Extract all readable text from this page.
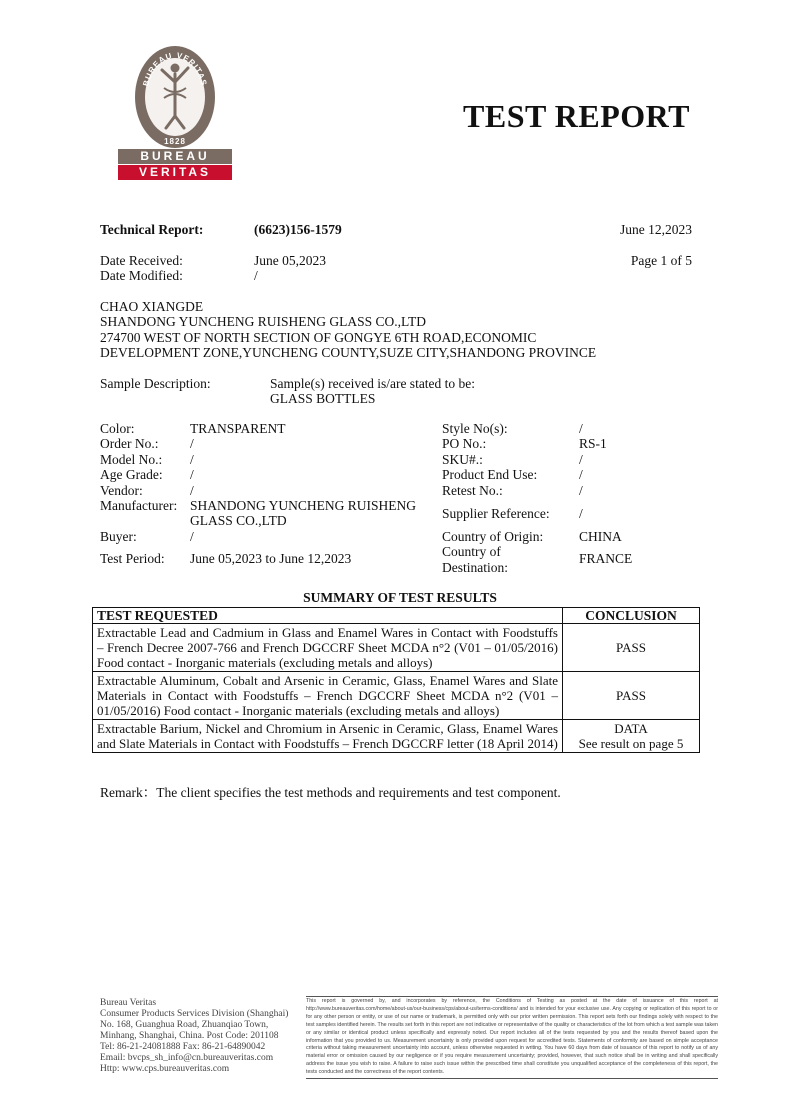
BUREAU VERITAS
1828
BUREAU
VERITAS
TEST REPORT
Technical Report:	(6623)156-1579	June 12,2023
Date Received:	June 05,2023	Page 1 of 5
Date Modified:	/
CHAO XIANGDE
SHANDONG YUNCHENG RUISHENG GLASS CO.,LTD
274700 WEST OF NORTH SECTION OF GONGYE 6TH ROAD,ECONOMIC
DEVELOPMENT ZONE,YUNCHENG COUNTY,SUZE CITY,SHANDONG PROVINCE
Sample Description:	Sample(s) received is/are stated to be:
GLASS BOTTLES
Color:	TRANSPARENT
Order No.: /
Model No.: /
Age Grade: /
Vendor:	/
Manufacturer: SHANDONG YUNCHENG RUISHENG
GLASS CO.,LTD
Buyer:	/
Test Period: June 05,2023 to June 12,2023
Style No(s):	/
PO No.:	RS-1
SKU#.:	/
Product End Use:	/
Retest No.:	/
Supplier Reference: /
Country of Origin:	CHINA
Country of
Destination:
FRANCE
SUMMARY OF TEST RESULTS
TEST REQUESTED	CONCLUSION
Extractable Lead and Cadmium in Glass and Enamel Wares in Contact with Foodstuffs – French Decree 2007-766 and French DGCCRF Sheet MCDA n°2 (V01 – 01/05/2016) Food contact - Inorganic materials (excluding metals and alloys)	PASS
Extractable Aluminum, Cobalt and Arsenic in Ceramic, Glass, Enamel Wares and Slate Materials in Contact with Foodstuffs – French DGCCRF Sheet MCDA n°2 (V01 – 01/05/2016) Food contact - Inorganic materials (excluding metals and alloys)	PASS
Extractable Barium, Nickel and Chromium in Arsenic in Ceramic, Glass, Enamel Wares and Slate Materials in Contact with Foodstuffs – French DGCCRF letter (18 April 2014)	DATA
See result on page 5
Remark：The client specifies the test methods and requirements and test component.
Bureau Veritas
Consumer Products Services Division (Shanghai)
No. 168, Guanghua Road, Zhuanqiao Town,
Minhang, Shanghai, China. Post Code: 201108
Tel: 86-21-24081888 Fax: 86-21-64890042
Email: bvcps_sh_info@cn.bureauveritas.com
Http: www.cps.bureauveritas.com
This report is governed by, and incorporates by reference, the Conditions of Testing as posted at the date of issuance of this report at http://www.bureauveritas.com/home/about-us/our-business/cps/about-us/terms-conditions/ and is intended for your exclusive use. Any copying or replication of this report to or for any other person or entity, or use of our name or trademark, is permitted only with our prior written permission. This report sets forth our findings solely with respect to the test samples identified herein. The results set forth in this report are not indicative or representative of the quality or characteristics of the lot from which a test sample was taken or any similar or identical product unless specifically and expressly noted. Our report includes all of the tests requested by you and the results thereof based upon the information that you provided to us. Measurement uncertainty is only provided upon request for accredited tests. Statements of conformity are based on simple acceptance criteria without taking measurement uncertainty into account, unless otherwise requested in writing. You have 60 days from date of issuance of this report to notify us of any material error or omission caused by our negligence or if you require measurement uncertainty; provided, however, that such notice shall be in writing and shall specifically address the issue you wish to raise. A failure to raise such issue within the prescribed time shall constitute you unqualified acceptance of the completeness of this report, the tests conducted and the correctness of the report contents.
